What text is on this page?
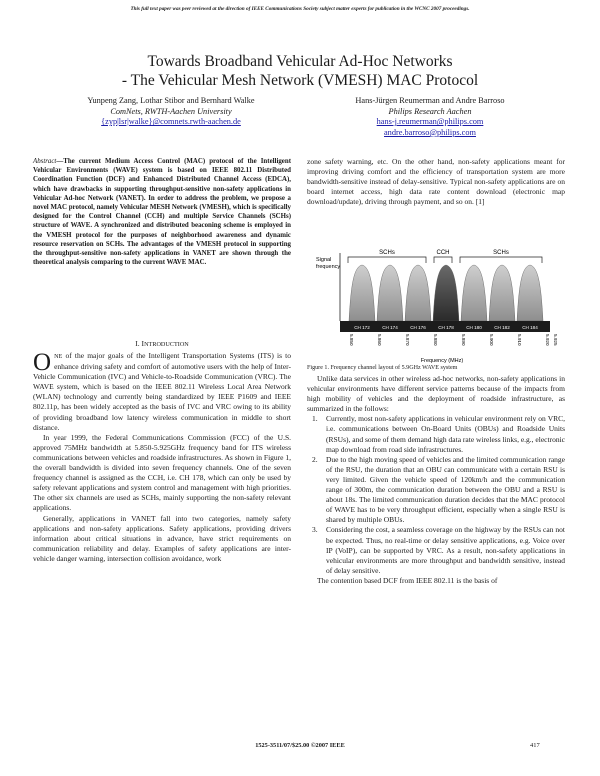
This full text paper was peer reviewed at the direction of IEEE Communications Society subject matter experts for publication in the WCNC 2007 proceedings.
Towards Broadband Vehicular Ad-Hoc Networks
- The Vehicular Mesh Network (VMESH) MAC Protocol
Yunpeng Zang, Lothar Stibor and Bernhard Walke
ComNets, RWTH-Aachen University
{zyp|lsr|walke}@comnets.rwth-aachen.de
Hans-Jürgen Reumerman and Andre Barroso
Philips Research Aachen
hans-j.reumerman@philips.com
andre.barroso@philips.com

Abstract—The current Medium Access Control (MAC) protocol of the Intelligent Vehicular Environments (WAVE) system is based on IEEE 802.11 Distributed Coordination Function (DCF) and Enhanced Distributed Channel Access (EDCA), which have drawbacks in supporting throughput-sensitive non-safety applications in Vehicular Ad-hoc Network (VANET). In order to address the problem, we propose a novel MAC protocol, namely Vehicular MESH Network (VMESH), which is specifically designed for the Control Channel (CCH) and multiple Service Channels (SCHs) structure of WAVE. A synchronized and distributed beaconing scheme is employed in the VMESH protocol for the purposes of neighborhood awareness and dynamic resource reservation on SCHs. The advantages of the VMESH protocol in supporting the throughput-sensitive non-safety applications in VANET are shown through the theoretical analysis comparing to the current WAVE MAC.

I. INTRODUCTION

ONE of the major goals of the Intelligent Transportation Systems (ITS) is to enhance driving safety and comfort of automotive users with the help of Inter-Vehicle Communication (IVC) and Vehicle-to-Roadside Communication (VRC). The WAVE system, which is based on the IEEE 802.11 Wireless Local Area Network (WLAN) technology and currently being standardized by IEEE P1609 and IEEE 802.11p, has been widely accepted as the basis of IVC and VRC owing to its ability of providing broadband low latency wireless communication in middle to short distance.

In year 1999, the Federal Communications Commission (FCC) of the U.S. approved 75MHz bandwidth at 5.850-5.925GHz frequency band for ITS wireless communications between vehicles and roadside infrastructures. As shown in Figure 1, the overall bandwidth is divided into seven frequency channels. One of the seven frequency channel is assigned as the CCH, i.e. CH 178, which can only be used by safety relevant applications and system control and management with high priorities. The other six channels are used as SCHs, mainly supporting the non-safety relevant applications.

Generally, applications in VANET fall into two categories, namely safety applications and non-safety applications. Safety applications, providing drivers information about critical situations in advance, have strict requirements on communication reliability and delay. Examples of safety applications are inter-vehicle danger warning, intersection collision avoidance, work

zone safety warning, etc. On the other hand, non-safety applications meant for improving driving comfort and the efficiency of transportation system are more bandwidth-sensitive instead of delay-sensitive. Typical non-safety applications are on board internet access, high data rate content download (electronic map download/update), driving through payment, and so on. [1]

Signal
frequency
SCHs	SCHs
CCH
CH 172	CH 174	CH 176	CH 178	CH 180	CH 182	CH 184
5.850	5.860	5.870	5.880	5.890	5.900	5.910	5.920 5.925
Frequency (MHz)
Figure 1. Frequency channel layout of 5.9GHz WAVE system

Unlike data services in other wireless ad-hoc networks, non-safety applications in vehicular environments have different service patterns because of the impacts from high mobility of vehicles and the deployment of roadside infrastructure, as summarized in the follows:

1. Currently, most non-safety applications in vehicular environment rely on VRC, i.e. communications between On-Board Units (OBUs) and Roadside Units (RSUs), and some of them demand high data rate wireless links, e.g., electronic map download from road side infrastructures.
2. Due to the high moving speed of vehicles and the limited communication range of the RSU, the duration that an OBU can communicate with a certain RSU is very limited. Given the vehicle speed of 120km/h and the communication range of 300m, the communication duration between the OBU and a RSU is about 18s. The limited communication duration decides that the MAC protocol of WAVE has to be very throughput efficient, especially when a single RSU is shared by multiple OBUs.
3. Considering the cost, a seamless coverage on the highway by the RSUs can not be expected. Thus, no real-time or delay sensitive applications, e.g. Voice over IP (VoIP), can be supported by VRC. As a result, non-safety applications in vehicular environments are more throughput and bandwidth sensitive, instead of delay sensitive.

The contention based DCF from IEEE 802.11 is the basis of

1525-3511/07/$25.00 ©2007 IEEE	417
